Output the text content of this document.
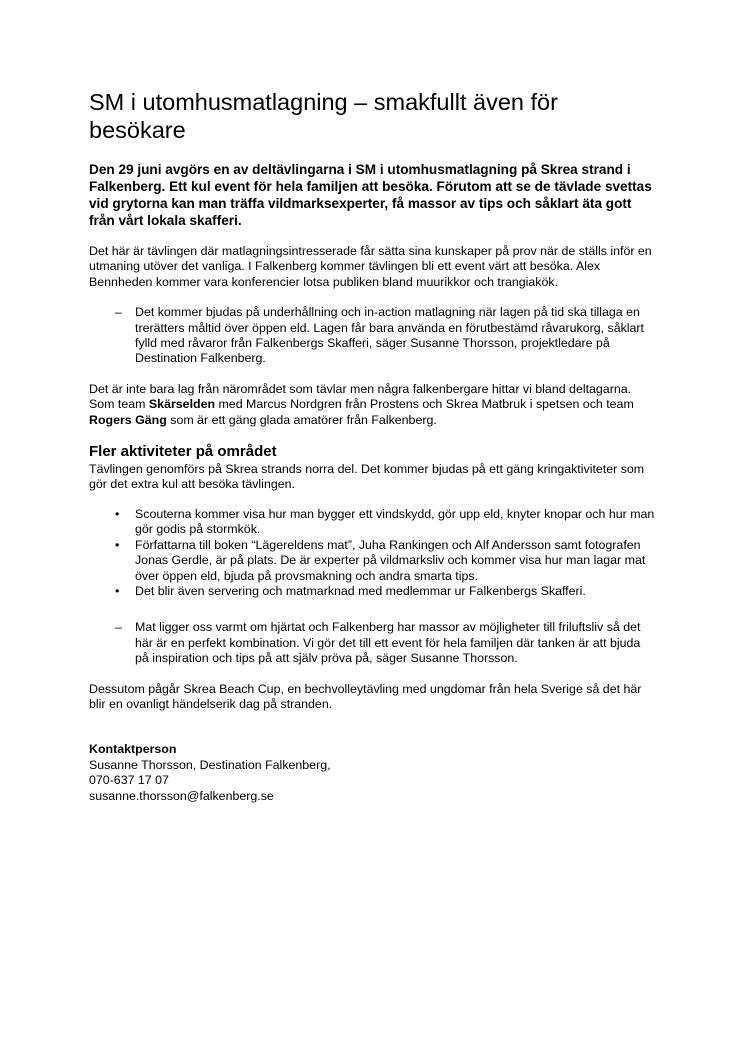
SM i utomhusmatlagning – smakfullt även för besökare

Den 29 juni avgörs en av deltävlingarna i SM i utomhusmatlagning på Skrea strand i Falkenberg. Ett kul event för hela familjen att besöka. Förutom att se de tävlade svettas vid grytorna kan man träffa vildmarksexperter, få massor av tips och såklart äta gott från vårt lokala skafferi.

Det här är tävlingen där matlagningsintresserade får sätta sina kunskaper på prov när de ställs inför en utmaning utöver det vanliga. I Falkenberg kommer tävlingen bli ett event värt att besöka. Alex Bennheden kommer vara konferencier lotsa publiken bland muurikkor och trangiakök.

–	Det kommer bjudas på underhållning och in-action matlagning när lagen på tid ska tillaga en trerätters måltid över öppen eld. Lagen får bara använda en förutbestämd råvarukorg, såklart fylld med råvaror från Falkenbergs Skafferi, säger Susanne Thorsson, projektledare på Destination Falkenberg.

Det är inte bara lag från närområdet som tävlar men några falkenbergare hittar vi bland deltagarna. Som team Skärselden med Marcus Nordgren från Prostens och Skrea Matbruk i spetsen och team Rogers Gäng som är ett gäng glada amatörer från Falkenberg.

Fler aktiviteter på området

Tävlingen genomförs på Skrea strands norra del. Det kommer bjudas på ett gäng kringaktiviteter som gör det extra kul att besöka tävlingen.

•	Scouterna kommer visa hur man bygger ett vindskydd, gör upp eld, knyter knopar och hur man gör godis på stormkök.
•	Författarna till boken “Lägereldens mat”, Juha Rankingen och Alf Andersson samt fotografen Jonas Gerdle, är på plats. De är experter på vildmarksliv och kommer visa hur man lagar mat över öppen eld, bjuda på provsmakning och andra smarta tips.
•	Det blir även servering och matmarknad med medlemmar ur Falkenbergs Skafferi.
–	Mat ligger oss varmt om hjärtat och Falkenberg har massor av möjligheter till friluftsliv så det här är en perfekt kombination. Vi gör det till ett event för hela familjen där tanken är att bjuda på inspiration och tips på att själv pröva på, säger Susanne Thorsson.

Dessutom pågår Skrea Beach Cup, en bechvolleytävling med ungdomar från hela Sverige så det här blir en ovanligt händelserik dag på stranden.

Kontaktperson
Susanne Thorsson, Destination Falkenberg,
070-637 17 07
susanne.thorsson@falkenberg.se
